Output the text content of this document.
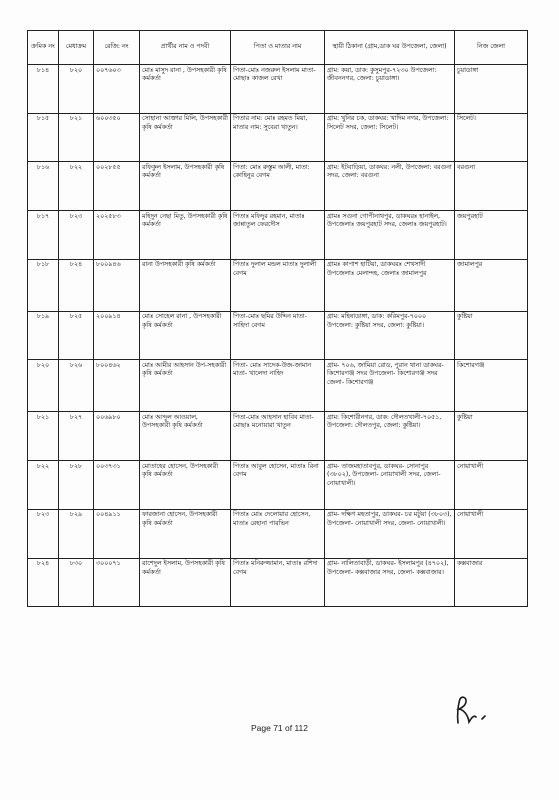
ক্রমিক নং	মেধাক্রম	রেজি: নং	প্রার্থীর নাম ও পদবী	পিতা ও মাতার নাম	স্থায়ী ঠিকানা (গ্রাম,ডাক ঘর উপজেলা, জেলা)	নিজ জেলা
৮১৪	৮২০	০০৭৬০৩	মোঃ মাসুদ রানা , উপসহকারী কৃষি কর্মকর্তা	পিতা-মোঃ নজরুল ইসলাম মাতা-মোছাঃ কাজল রেখা	গ্রাম: কয়া, ডাক: কুসুমপুর-৭২৩০ উপজেলা: জীবননগর, জেলা: চুয়াডাঙ্গা।	চুয়াডাঙ্গা
৮১৫	৮২১	৬০০৩৫০	সোহানা আক্তার মিলি, উপসহকারী কৃষি কর্মকর্তা	পিতার নাম: মোঃ রহমত মিয়া, মাতার নাম: সুবেরা খাতুন।	গ্রাম: খুনির চক, ডাকঘর: খাদিম নগর, উপজেলা: সিলেট সদর, জেলা: সিলেট।	সিলেট।
৮১৬	৮২২	০০২৮৫৫	রফিকুল ইসলাম, উপসহকারী কৃষি কর্মকর্তা	পিতা: মোঃ রুস্তুম আলী, মাতা: কোহিনুর বেগম	গ্রাম: ইটবাড়িয়া, ডাকঘর: নলী, উপজেলা: বরগুনা সদর, জেলা: বরগুনা	বরগুনা
৮১৭	৮২৩	২০২৫৮৩	মহিদুন নেছা মিতু, উপসহকারী কৃষি কর্মকর্তা	পিতাঃ মফিদুর রহমান, মাতাঃ জান্নাতুল ফেরদৌস	গ্রামঃ সগুনা গোপীনাথপুর, ডাকঘরঃ হানাইল, উপজেলাঃ জয়পুরহাট সদর, জেলাঃ জয়পুরহাট।	জয়পুরহাট
৮১৮	৮২৪	৮০০৯৪৬	রানা উপসহকারী কৃষি কর্মকর্তা	পিতাঃ দুলাল মন্ডল মাতাঃ দুলালী বেগম	গ্রামঃ কাপাশ হাটিয়া, ডাকঘরঃ শেখসাদী উপজেলাঃ মেলান্দহ, জেলাঃ জামালপুর	জামালপুর
৮১৯	৮২৫	২০০৯১৪	মোঃ সোহেল রানা , উপসহকারী কৃষি কর্মকর্তা	পিতা-মোঃ ছমির উদ্দিন মাতা-সাহিদা বেগম	গ্রাম: মহিষাডাঙ্গা, ডাক: করিমপুর-৭০০০ উপজেলা: কুষ্টিয়া সদর, জেলা: কুষ্টিয়া।	কুষ্টিয়া
৮২০	৮২৬	৮০০৪৬২	মোঃ আমীর আহসান উপ-সহকারী কৃষি কর্মকর্তা	পিতা- মোঃ সাদেক-উজ-জামান মাতা- খালেদা নাহিদ	গ্রাম- ৭০৬, জামিয়া রোড, পুরান থানা ডাকঘর- কিশোরগঞ্জ সদর উপজেলা- কিশোরগঞ্জ সদর জেলা- কিশোরগঞ্জ	কিশোরগঞ্জ
৮২১	৮২৭	০০৬৯৮০	মোঃ আব্দুল আওয়াল, উপসহকারী কৃষি কর্মকর্তা	পিতা-মোঃ আহসান হাবিব মাতা-মোছাঃ মনোয়ারা খাতুন	গ্রাম: কিশোরীনগর, ডাক: দৌলতখালী-৭০৫১, উপজেলা: দৌলতপুর, জেলা: কুষ্টিয়া।	কুষ্টিয়া
৮২২	৮২৮	০০৩৭৩১	মোতাহের হোসেন, উপসহকারী কৃষি কর্মকর্তা	পিতাঃ আবুল হোসেন, মাতাঃ রিনা বেগম	গ্রাম- তাজমহাতাবপুর, ডাকঘর- সোনাপুর (৩৮০২), উপজেলা- নোয়াখালী সদর, জেলা- নোয়াখালী।	নোয়াখালী
৮২৩	৮২৯	০০৪৯১১	ফারজানা হোসেন, উপসহকারী কৃষি কর্মকর্তা	পিতাঃ মোঃ দেলোয়ার হোসেন, মাতাঃ রেহানা পারভিন	গ্রাম- দক্ষিণ মহতাপুর, ডাকঘর- চর মটুয়া (৩৮০৩), উপজেলা- নোয়াখালী সদর, জেলা- নোয়াখালী।	নোয়াখালী
৮২৪	৮৩০	৩০০০৭১	রাশেদুল ইসলাম, উপসহকারী কৃষি কর্মকর্তা	পিতাঃ মনিরুজ্জামান, মাতাঃ রশিদা বেগম	গ্রাম- নালিতাবাড়ী, ডাকঘর- ইসলামপুর (৪৭০২), উপজেলা- কক্সবাজার সদর, জেলা- কক্সবাজার।	কক্সবাজার
Page 71 of 112
